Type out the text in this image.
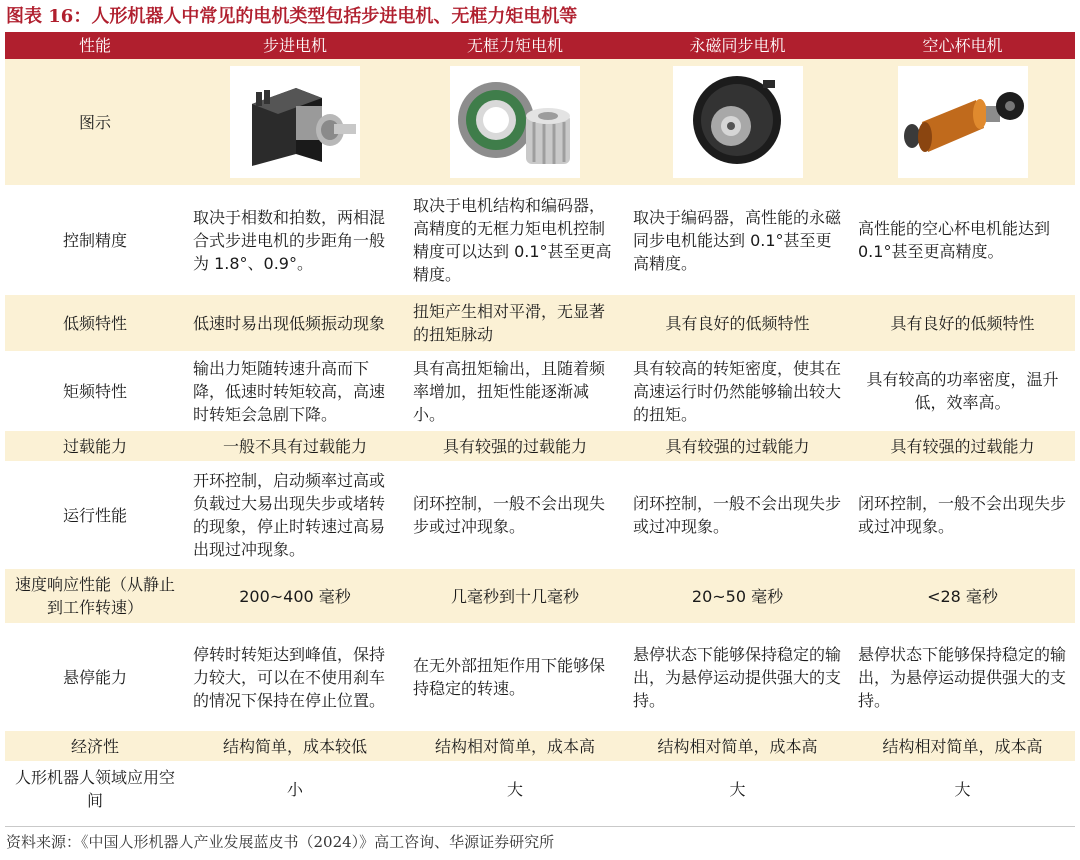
图表 16：人形机器人中常见的电机类型包括步进电机、无框力矩电机等
性能	步进电机	无框力矩电机	永磁同步电机	空心杯电机
图示	

控制精度	取决于相数和拍数，两相混合式步进电机的步距角一般为 1.8°、0.9°。	取决于电机结构和编码器，高精度的无框力矩电机控制精度可以达到 0.1°甚至更高精度。	取决于编码器，高性能的永磁同步电机能达到 0.1°甚至更高精度。	高性能的空心杯电机能达到 0.1°甚至更高精度。
低频特性	低速时易出现低频振动现象	扭矩产生相对平滑，无显著的扭矩脉动	具有良好的低频特性	具有良好的低频特性
矩频特性	输出力矩随转速升高而下降，低速时转矩较高，高速时转矩会急剧下降。	具有高扭矩输出，且随着频率增加，扭矩性能逐渐减小。	具有较高的转矩密度，使其在高速运行时仍然能够输出较大的扭矩。	具有较高的功率密度，温升低，效率高。
过载能力	一般不具有过载能力	具有较强的过载能力	具有较强的过载能力	具有较强的过载能力
运行性能	开环控制，启动频率过高或负载过大易出现失步或堵转的现象，停止时转速过高易出现过冲现象。	闭环控制，一般不会出现失步或过冲现象。	闭环控制，一般不会出现失步或过冲现象。	闭环控制，一般不会出现失步或过冲现象。
速度响应性能（从静止到工作转速）	200~400 毫秒	几毫秒到十几毫秒	20~50 毫秒	<28 毫秒
悬停能力	停转时转矩达到峰值，保持力较大，可以在不使用刹车的情况下保持在停止位置。	在无外部扭矩作用下能够保持稳定的转速。	悬停状态下能够保持稳定的输出，为悬停运动提供强大的支持。	悬停状态下能够保持稳定的输出，为悬停运动提供强大的支持。
经济性	结构简单，成本较低	结构相对简单，成本高	结构相对简单，成本高	结构相对简单，成本高
人形机器人领域应用空间	小	大	大	大
资料来源：《中国人形机器人产业发展蓝皮书（2024）》高工咨询、华源证券研究所
